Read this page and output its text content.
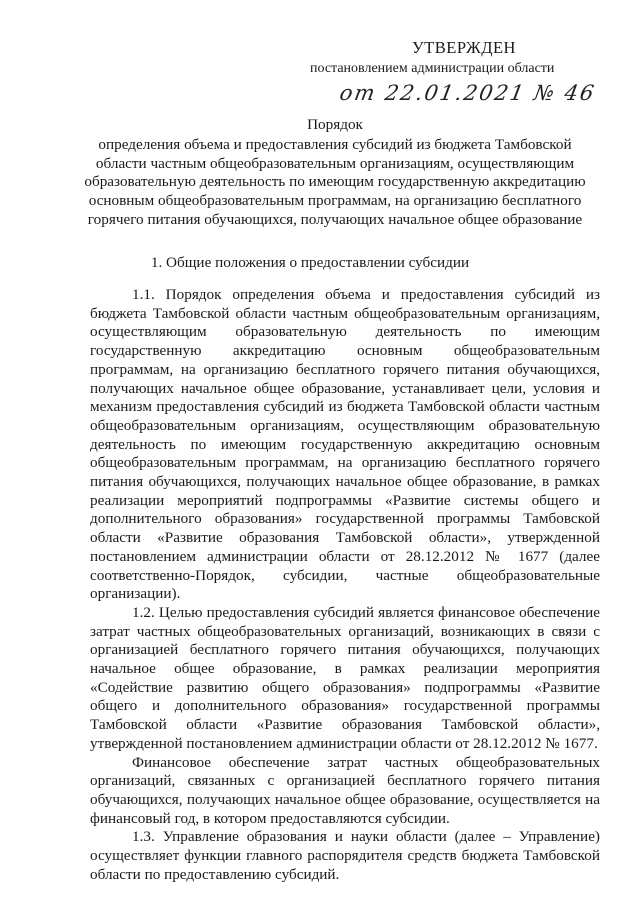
УТВЕРЖДЕН
постановлением администрации области
от 22.01.2021 № 46
Порядок
определения объема и предоставления субсидий из бюджета Тамбовской
области частным общеобразовательным организациям, осуществляющим
образовательную деятельность по имеющим государственную аккредитацию
основным общеобразовательным программам, на организацию бесплатного
горячего питания обучающихся, получающих начальное общее образование
1. Общие положения о предоставлении субсидии

1.1. Порядок определения объема и предоставления субсидий из бюджета Тамбовской области частным общеобразовательным организациям, осуществляющим образовательную деятельность по имеющим государственную аккредитацию основным общеобразовательным программам, на организацию бесплатного горячего питания обучающихся, получающих начальное общее образование, устанавливает цели, условия и механизм предоставления субсидий из бюджета Тамбовской области частным общеобразовательным организациям, осуществляющим образовательную деятельность по имеющим государственную аккредитацию основным общеобразовательным программам, на организацию бесплатного горячего питания обучающихся, получающих начальное общее образование, в рамках реализации мероприятий подпрограммы «Развитие системы общего и дополнительного образования» государственной программы Тамбовской области «Развитие образования Тамбовской области», утвержденной постановлением администрации области от 28.12.2012 № 1677 (далее соответственно-Порядок, субсидии, частные общеобразовательные организации).

1.2. Целью предоставления субсидий является финансовое обеспечение затрат частных общеобразовательных организаций, возникающих в связи с организацией бесплатного горячего питания обучающихся, получающих начальное общее образование, в рамках реализации мероприятия «Содействие развитию общего образования» подпрограммы «Развитие общего и дополнительного образования» государственной программы Тамбовской области «Развитие образования Тамбовской области», утвержденной постановлением администрации области от 28.12.2012 № 1677.

Финансовое обеспечение затрат частных общеобразовательных организаций, связанных с организацией бесплатного горячего питания обучающихся, получающих начальное общее образование, осуществляется на финансовый год, в котором предоставляются субсидии.

1.3. Управление образования и науки области (далее – Управление) осуществляет функции главного распорядителя средств бюджета Тамбовской области по предоставлению субсидий.
